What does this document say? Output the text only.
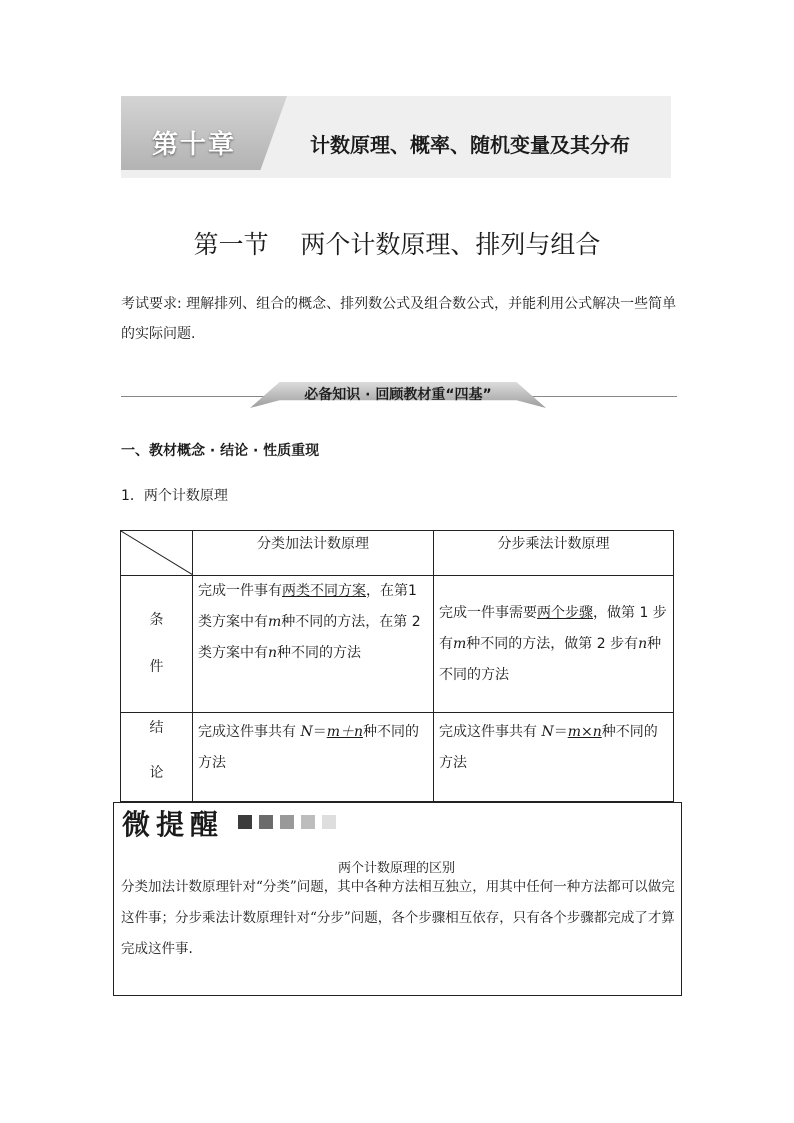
第十章	计数原理、概率、随机变量及其分布
第一节    两个计数原理、排列与组合
考试要求: 理解排列、组合的概念、排列数公式及组合数公式，并能利用公式解决一些简单的实际问题.
必备知识 · 回顾教材重“四基”
一、教材概念 · 结论 · 性质重现
1．两个计数原理
	分类加法计数原理	分步乘法计数原理

条
件	完成一件事有两类不同方案，在第1类方案中有m种不同的方法，在第 2 类方案中有n种不同的方法	完成一件事需要两个步骤，做第 1 步有m种不同的方法，做第 2 步有n种不同的方法

结
论	完成这件事共有 N＝m＋n种不同的方法	完成这件事共有 N＝m×n种不同的方法
微提醒
两个计数原理的区别
分类加法计数原理针对“分类”问题，其中各种方法相互独立，用其中任何一种方法都可以做完这件事；分步乘法计数原理针对“分步”问题，各个步骤相互依存，只有各个步骤都完成了才算完成这件事.
